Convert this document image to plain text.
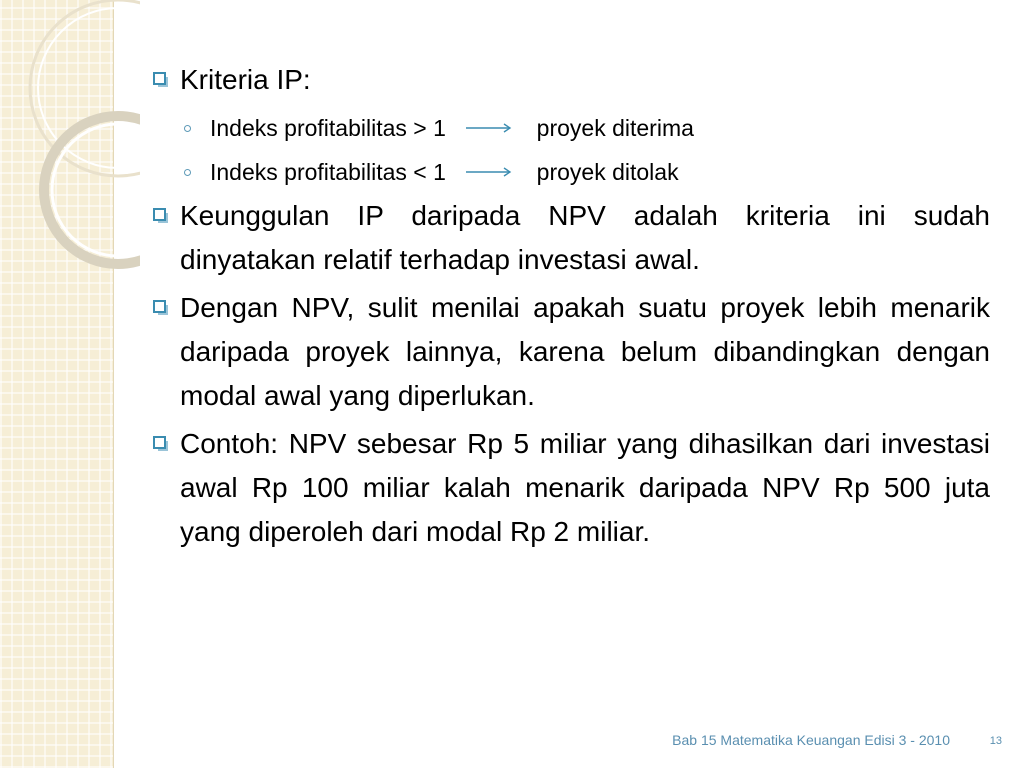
Kriteria IP:
Indeks profitabilitas > 1	proyek diterima
Indeks profitabilitas < 1	proyek ditolak
Keunggulan IP daripada NPV adalah kriteria ini sudah dinyatakan relatif terhadap investasi awal.
Dengan NPV, sulit menilai apakah suatu proyek lebih menarik daripada proyek lainnya, karena belum dibandingkan dengan modal awal yang diperlukan.
Contoh: NPV sebesar Rp 5 miliar yang dihasilkan dari investasi awal Rp 100 miliar kalah menarik daripada NPV Rp 500 juta yang diperoleh dari modal Rp 2 miliar.
Bab 15 Matematika Keuangan Edisi 3 - 2010	13
